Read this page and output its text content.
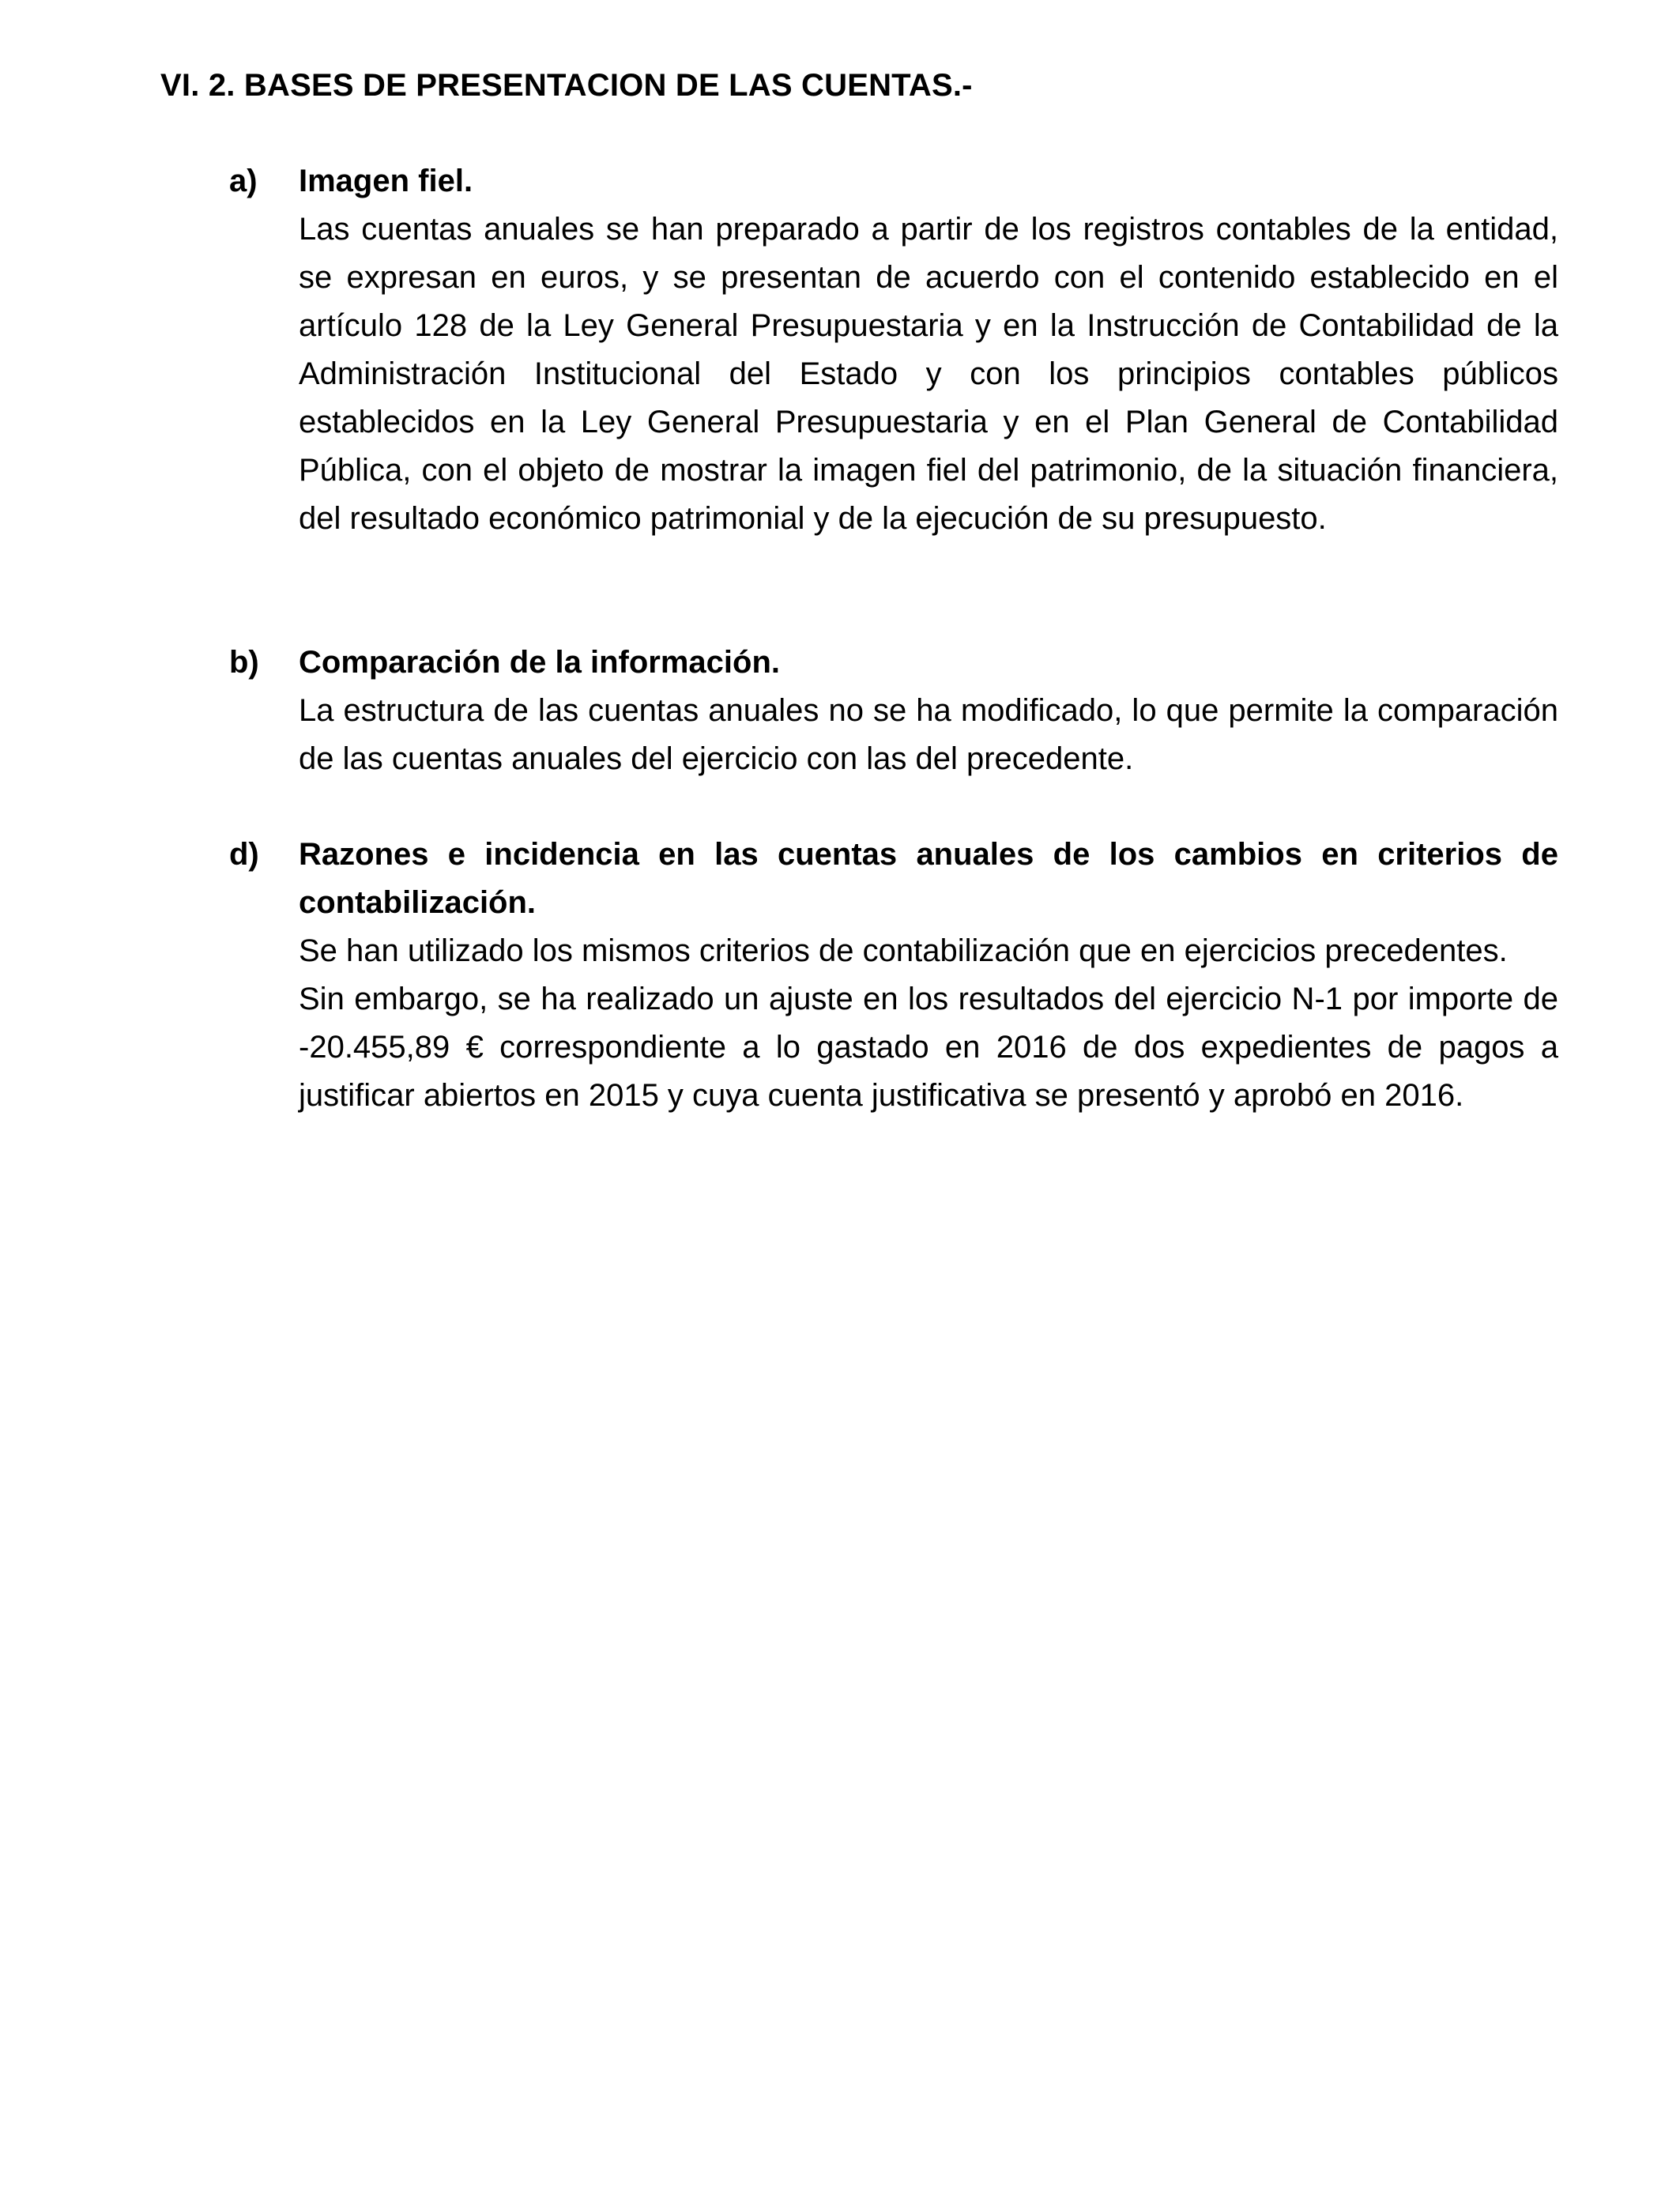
VI. 2. BASES DE PRESENTACION DE LAS CUENTAS.-
a) Imagen fiel.

Las cuentas anuales se han preparado a partir de los registros contables de la entidad, se expresan en euros, y se presentan de acuerdo con el contenido establecido en el artículo 128 de la Ley General Presupuestaria y en la Instrucción de Contabilidad de la Administración Institucional del Estado y con los principios contables públicos establecidos en la Ley General Presupuestaria y en el Plan General de Contabilidad Pública, con el objeto de mostrar la imagen fiel del patrimonio, de la situación financiera, del resultado económico patrimonial y de la ejecución de su presupuesto.

b) Comparación de la información.

La estructura de las cuentas anuales no se ha modificado, lo que permite la comparación de las cuentas anuales del ejercicio con las del precedente.

d) Razones e incidencia en las cuentas anuales de los cambios en criterios de contabilización.

Se han utilizado los mismos criterios de contabilización que en ejercicios precedentes.

Sin embargo, se ha realizado un ajuste en los resultados del ejercicio N-1 por importe de -20.455,89 € correspondiente a lo gastado en 2016 de dos expedientes de pagos a justificar abiertos en 2015 y cuya cuenta justificativa se presentó y aprobó en 2016.
